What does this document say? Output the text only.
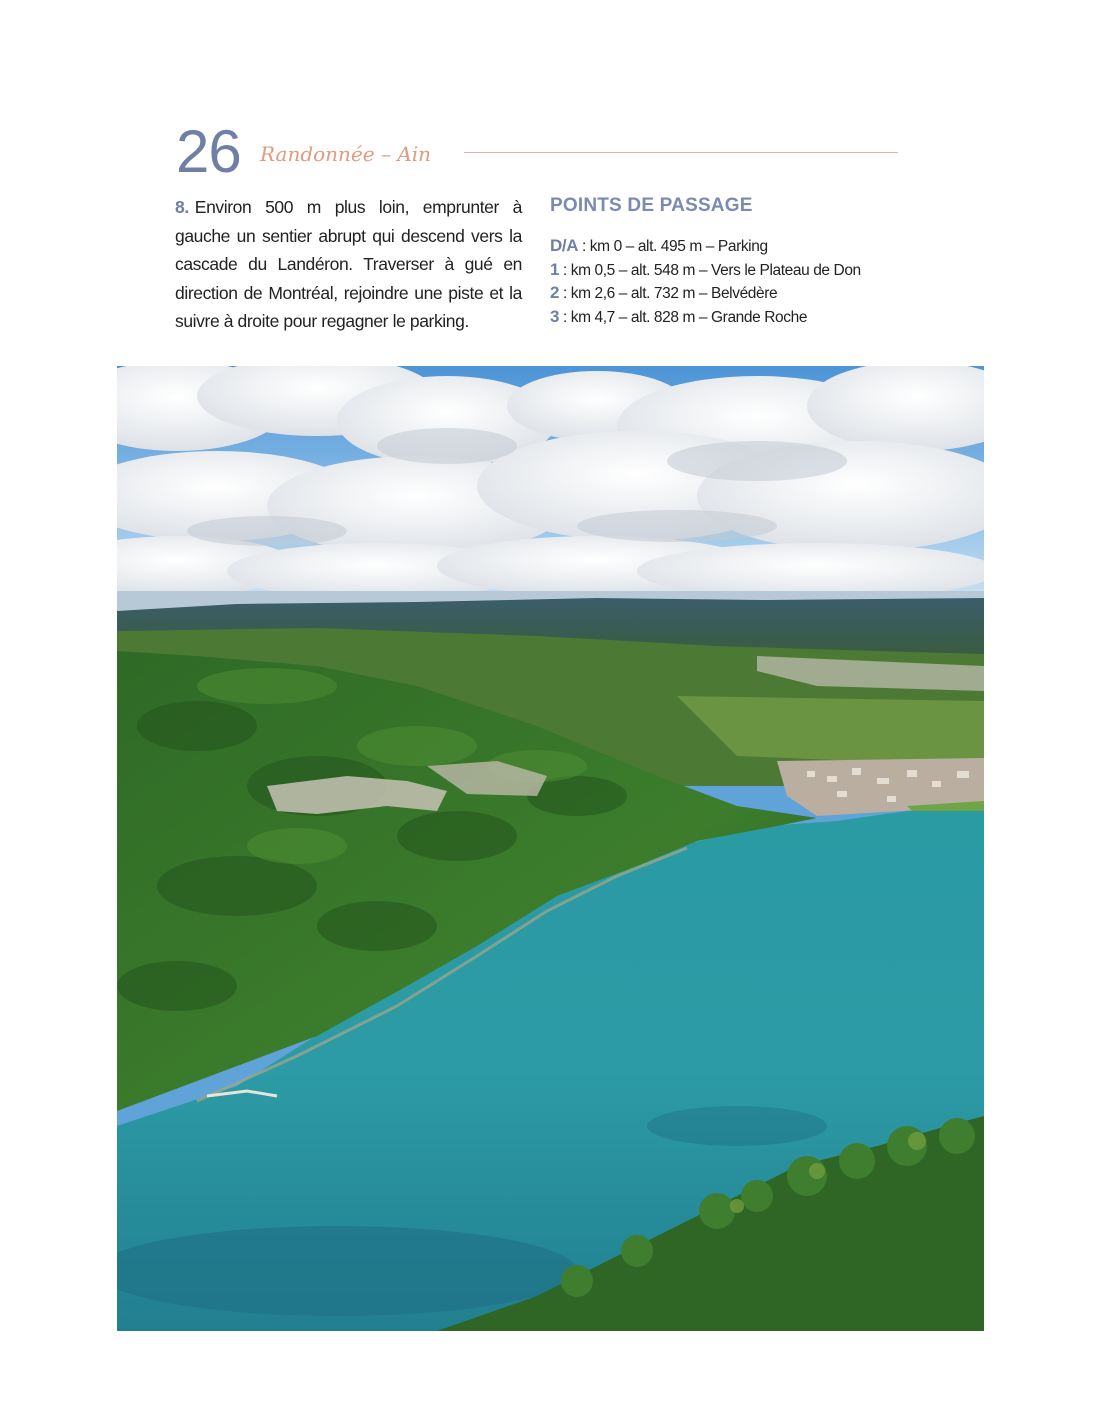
26 Randonnée – Ain

8. Environ 500 m plus loin, emprunter à gauche un sentier abrupt qui descend vers la cascade du Landéron. Traverser à gué en direction de Montréal, rejoindre une piste et la suivre à droite pour regagner le parking.

POINTS DE PASSAGE
D/A : km 0 – alt. 495 m – Parking
1 : km 0,5 – alt. 548 m – Vers le Plateau de Don
2 : km 2,6 – alt. 732 m – Belvédère
3 : km 4,7 – alt. 828 m – Grande Roche
